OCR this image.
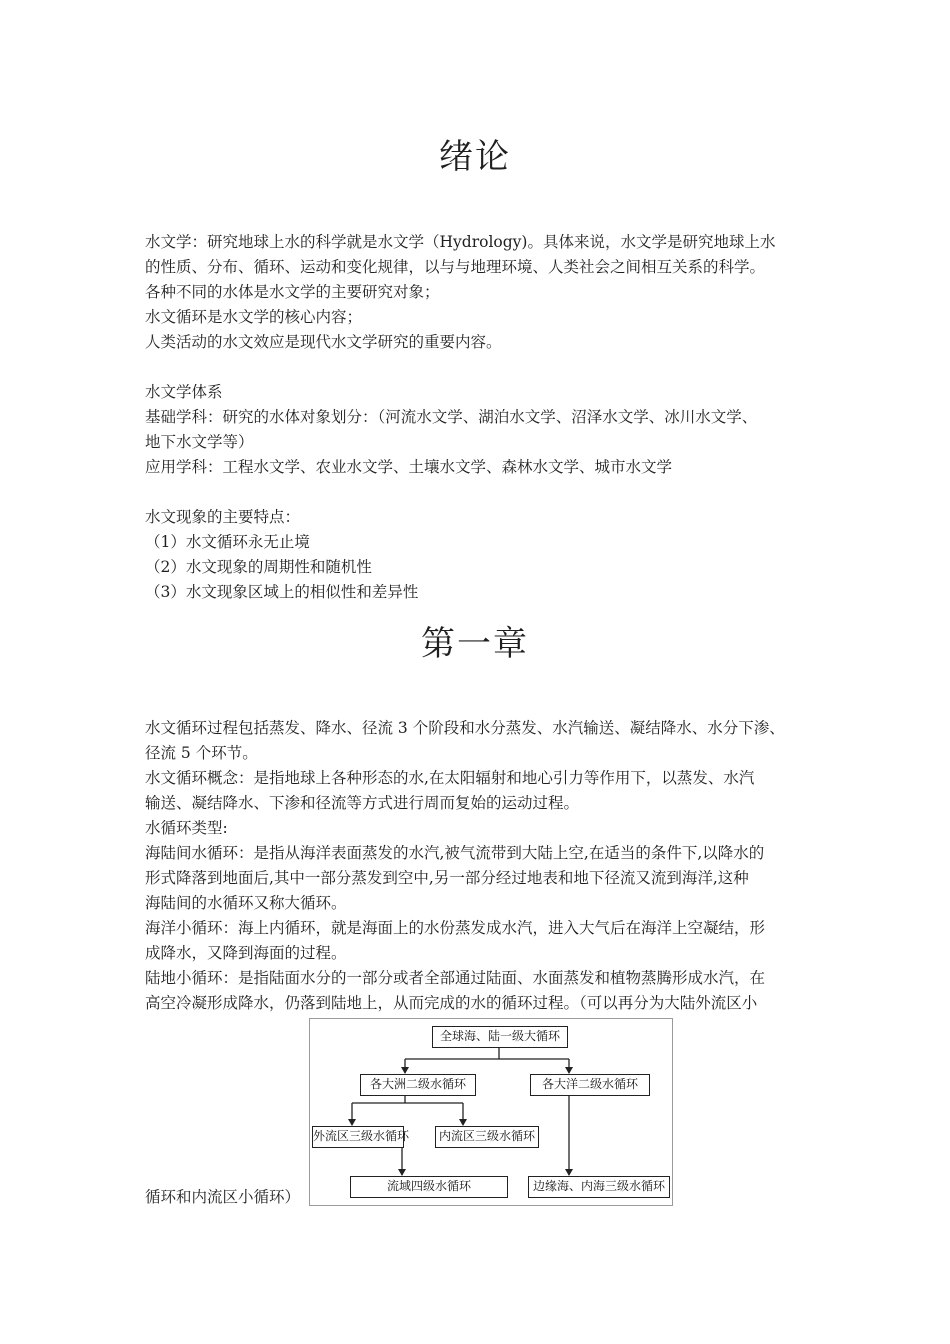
绪论
水文学：研究地球上水的科学就是水文学（Hydrology)。具体来说，水文学是研究地球上水
的性质、分布、循环、运动和变化规律，以与与地理环境、人类社会之间相互关系的科学。
各种不同的水体是水文学的主要研究对象；
水文循环是水文学的核心内容；
人类活动的水文效应是现代水文学研究的重要内容。
水文学体系
基础学科：研究的水体对象划分：（河流水文学、湖泊水文学、沼泽水文学、冰川水文学、
地下水文学等）
应用学科：工程水文学、农业水文学、土壤水文学、森林水文学、城市水文学
水文现象的主要特点：
（1）水文循环永无止境
（2）水文现象的周期性和随机性
（3）水文现象区域上的相似性和差异性
第一章
水文循环过程包括蒸发、降水、径流 3 个阶段和水分蒸发、水汽输送、凝结降水、水分下渗、
径流 5 个环节。
水文循环概念：是指地球上各种形态的水,在太阳辐射和地心引力等作用下，以蒸发、水汽
输送、凝结降水、下渗和径流等方式进行周而复始的运动过程。
水循环类型:
海陆间水循环：是指从海洋表面蒸发的水汽,被气流带到大陆上空,在适当的条件下,以降水的
形式降落到地面后,其中一部分蒸发到空中,另一部分经过地表和地下径流又流到海洋,这种
海陆间的水循环又称大循环。
海洋小循环：海上内循环，就是海面上的水份蒸发成水汽，进入大气后在海洋上空凝结，形
成降水，又降到海面的过程。
陆地小循环：是指陆面水分的一部分或者全部通过陆面、水面蒸发和植物蒸腾形成水汽，在
高空冷凝形成降水，仍落到陆地上，从而完成的水的循环过程。（可以再分为大陆外流区小
循环和内流区小循环）
全球海、陆一级大循环
各大洲二级水循环	各大洋二级水循环
外流区三级水循环	内流区三级水循环
流域四级水循环	边缘海、内海三级水循环
